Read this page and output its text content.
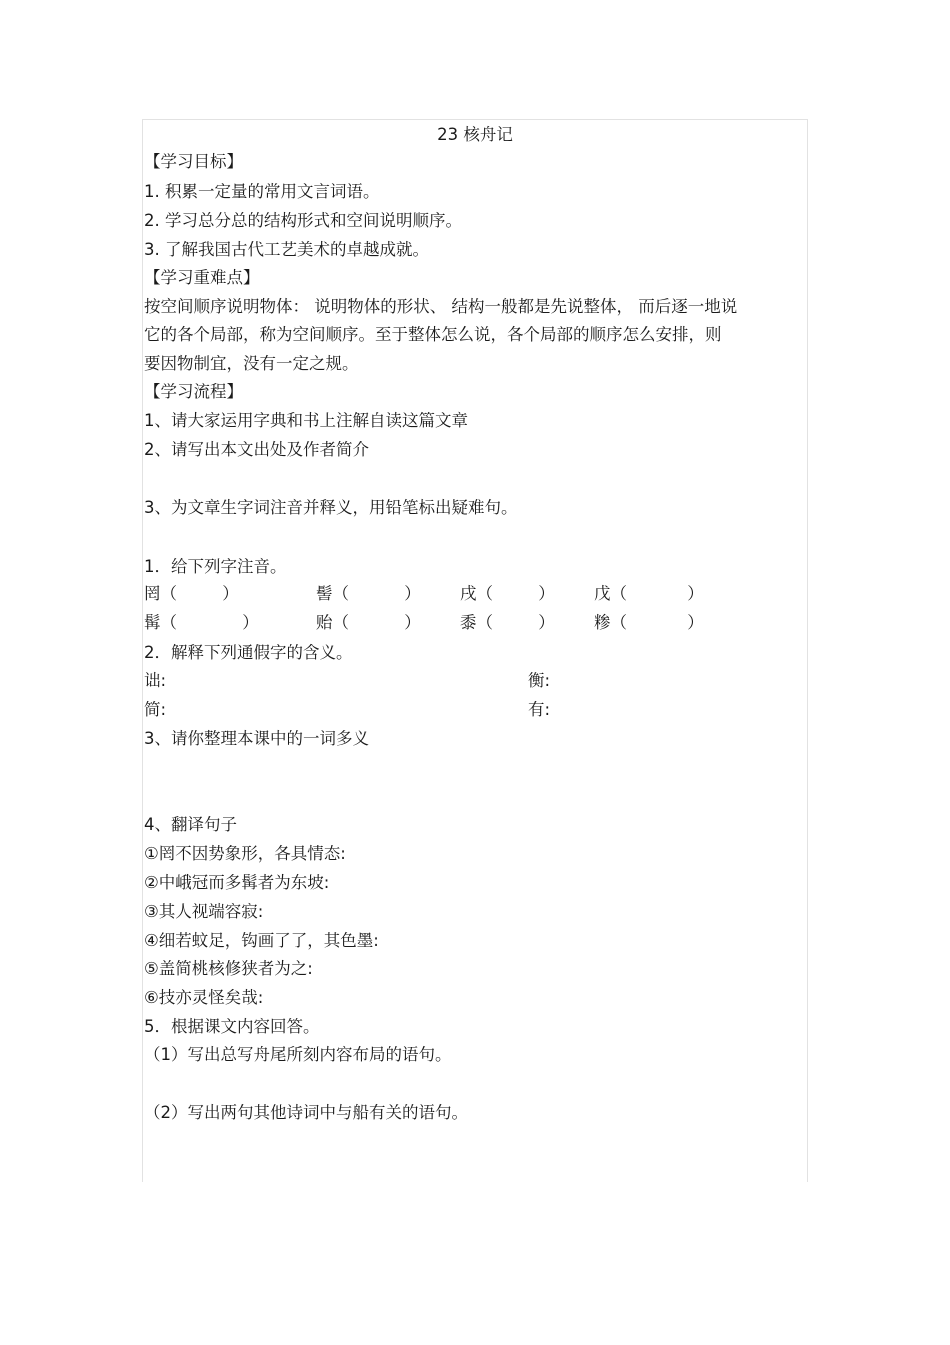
23 核舟记
【学习目标】
1. 积累一定量的常用文言词语。
2. 学习总分总的结构形式和空间说明顺序。
3. 了解我国古代工艺美术的卓越成就。
【学习重难点】
按空间顺序说明物体： 说明物体的形状、 结构一般都是先说整体， 而后逐一地说
它的各个局部，称为空间顺序。至于整体怎么说，各个局部的顺序怎么安排，则
要因物制宜，没有一定之规。
【学习流程】
1、请大家运用字典和书上注解自读这篇文章
2、请写出本文出处及作者简介
3、为文章生字词注音并释义，用铅笔标出疑难句。
1．给下列字注音。
罔（ ）	髻（ ） 戌（ ） 戊（ ）
髯（ ）	贻（ ） 黍（ ） 糁（ ）
2．解释下列通假字的含义。
诎:	衡:
简:	有:
3、请你整理本课中的一词多义
4、翻译句子
①罔不因势象形，各具情态:
②中峨冠而多髯者为东坡:
③其人视端容寂:
④细若蚊足，钩画了了，其色墨:
⑤盖简桃核修狭者为之:
⑥技亦灵怪矣哉:
5．根据课文内容回答。
（1）写出总写舟尾所刻内容布局的语句。
（2）写出两句其他诗词中与船有关的语句。
